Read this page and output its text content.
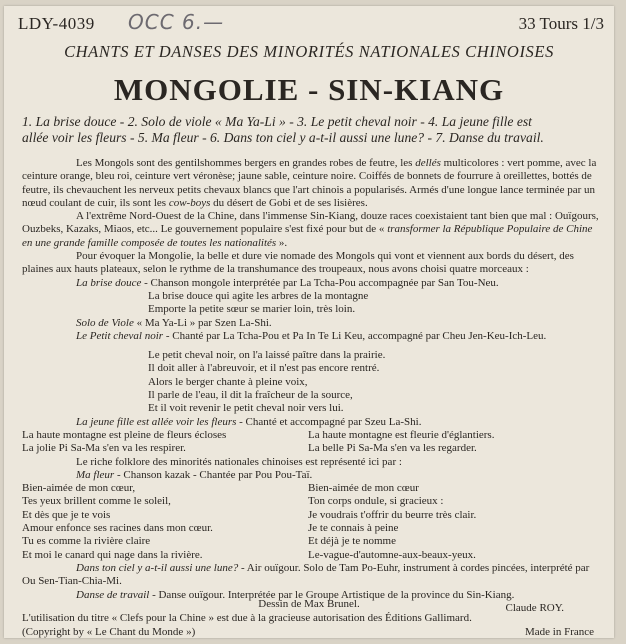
LDY-4039 OCC 6.—	33 Tours 1/3
CHANTS ET DANSES DES MINORITÉS NATIONALES CHINOISES
MONGOLIE - SIN-KIANG
1. La brise douce - 2. Solo de viole « Ma Ya-Li » - 3. Le petit cheval noir - 4. La jeune fille est
allée voir les fleurs - 5. Ma fleur - 6. Dans ton ciel y a-t-il aussi une lune? - 7. Danse du travail.

Les Mongols sont des gentilshommes bergers en grandes robes de feutre, les dellés multicolores : vert pomme, avec la ceinture orange, bleu roi, ceinture vert véronèse; jaune sable, ceinture noire. Coiffés de bonnets de fourrure à oreillettes, bottés de feutre, ils chevauchent les nerveux petits chevaux blancs que l'art chinois a popularisés. Armés d'une longue lance terminée par un nœud coulant de cuir, ils sont les cow-boys du désert de Gobi et de ses lisières.

A l'extrême Nord-Ouest de la Chine, dans l'immense Sin-Kiang, douze races coexistaient tant bien que mal : Ouïgours, Ouzbeks, Kazaks, Miaos, etc... Le gouvernement populaire s'est fixé pour but de « transformer la République Populaire de Chine en une grande famille composée de toutes les nationalités ».

Pour évoquer la Mongolie, la belle et dure vie nomade des Mongols qui vont et viennent aux bords du désert, des plaines aux hauts plateaux, selon le rythme de la transhumance des troupeaux, nous avons choisi quatre morceaux :

La brise douce - Chanson mongole interprétée par La Tcha-Pou accompagnée par San Tou-Neu.

La brise douce qui agite les arbres de la montagne

Emporte la petite sœur se marier loin, très loin.

Solo de Viole « Ma Ya-Li » par Szen La-Shi.

Le Petit cheval noir - Chanté par La Tcha-Pou et Pa In Te Li Keu, accompagné par Cheu Jen-Keu-Ich-Leu.

Le petit cheval noir, on l'a laissé paître dans la prairie.

Il doit aller à l'abreuvoir, et il n'est pas encore rentré.

Alors le berger chante à pleine voix,

Il parle de l'eau, il dit la fraîcheur de la source,

Et il voit revenir le petit cheval noir vers lui.

La jeune fille est allée voir les fleurs - Chanté et accompagné par Szeu La-Shi.

La haute montagne est pleine de fleurs écloses
La jolie Pi Sa-Ma s'en va les respirer.
La haute montagne est fleurie d'églantiers.
La belle Pi Sa-Ma s'en va les regarder.

Le riche folklore des minorités nationales chinoises est représenté ici par :

Ma fleur - Chanson kazak - Chantée par Pou Pou-Taï.

Bien-aimée de mon cœur,
Tes yeux brillent comme le soleil,
Et dès que je te vois
Amour enfonce ses racines dans mon cœur.
Tu es comme la rivière claire
Et moi le canard qui nage dans la rivière.
Bien-aimée de mon cœur
Ton corps ondule, si gracieux :
Je voudrais t'offrir du beurre très clair.
Je te connais à peine
Et déjà je te nomme
Le-vague-d'automne-aux-beaux-yeux.

Dans ton ciel y a-t-il aussi une lune? - Air ouïgour. Solo de Tam Po-Euhr, instrument à cordes pincées, interprété par Ou Sen-Tian-Chia-Mi.

Danse de travail - Danse ouïgour. Interprétée par le Groupe Artistique de la province du Sin-Kiang.

Claude ROY.

Dessin de Max Brunel.
L'utilisation du titre « Clefs pour la Chine » est due à la gracieuse autorisation des Éditions Gallimard.
(Copyright by « Le Chant du Monde »)	Made in France
